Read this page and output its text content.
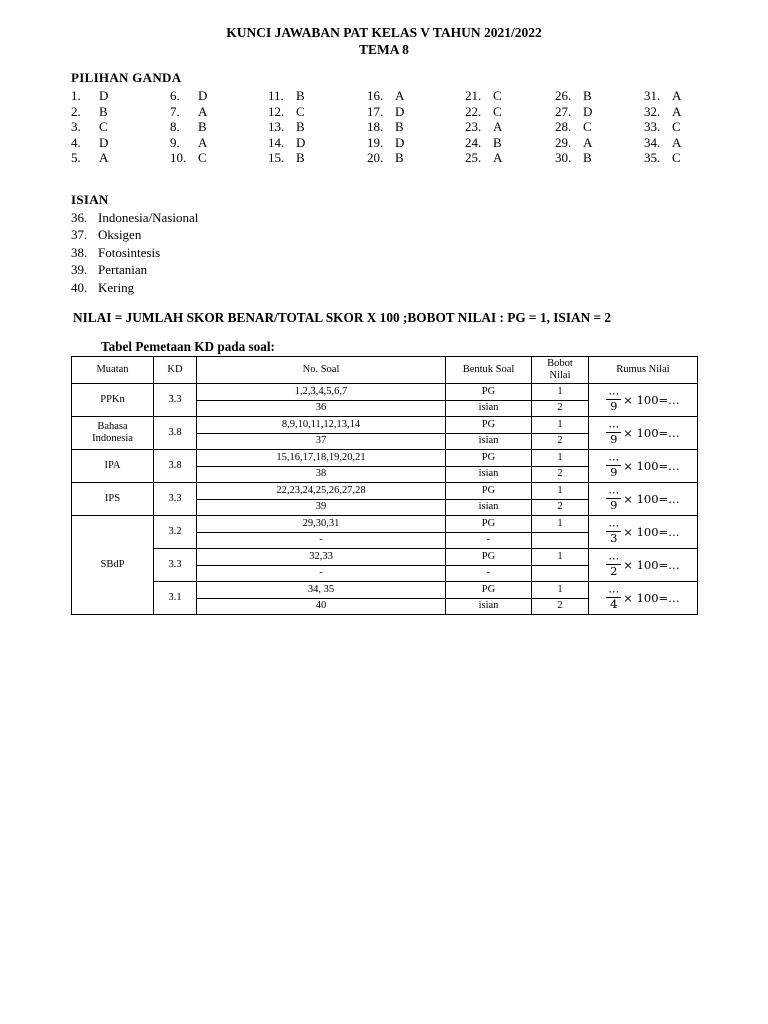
KUNCI JAWABAN PAT KELAS V TAHUN 2021/2022
TEMA 8
PILIHAN GANDA
1. D	6. D	11. B	16. A	21. C	26. B	31. A
2. B	7. A	12. C	17. D	22. C	27. D	32. A
3. C	8. B	13. B	18. B	23. A	28. C	33. C
4. D	9. A	14. D	19. D	24. B	29. A	34. A
5. A	10. C	15. B	20. B	25. A	30. B	35. C
ISIAN
36. Indonesia/Nasional
37. Oksigen
38. Fotosintesis
39. Pertanian
40. Kering
NILAI = JUMLAH SKOR BENAR/TOTAL SKOR X 100 ;BOBOT NILAI : PG = 1, ISIAN = 2
Tabel Pemetaan KD pada soal:
Muatan	KD	No. Soal	Bentuk Soal	Bobot Nilai	Rumus Nilai
PPKn	3.3	1,2,3,4,5,6,7	PG	1	$\frac{\cdots}{9}$ × 100=…

		36	isian	2	
Bahasa Indonesia	3.8	8,9,10,11,12,13,14	PG	1	$\frac{\cdots}{9}$ × 100=…

		37	isian	2	
IPA	3.8	15,16,17,18,19,20,21	PG	1	$\frac{\cdots}{9}$ × 100=…

		38	isian	2	
IPS	3.3	22,23,24,25,26,27,28	PG	1	$\frac{\cdots}{9}$ × 100=…

		39	isian	2	
SBdP	3.2	29,30,31	PG	1	$\frac{\cdots}{3}$ × 100=…

		-	-		
	3.3	32,33	PG	1	$\frac{\cdots}{2}$ × 100=…

		-	-		
	3.1	34, 35	PG	1	$\frac{\cdots}{4}$ × 100=…

		40	isian	2	
